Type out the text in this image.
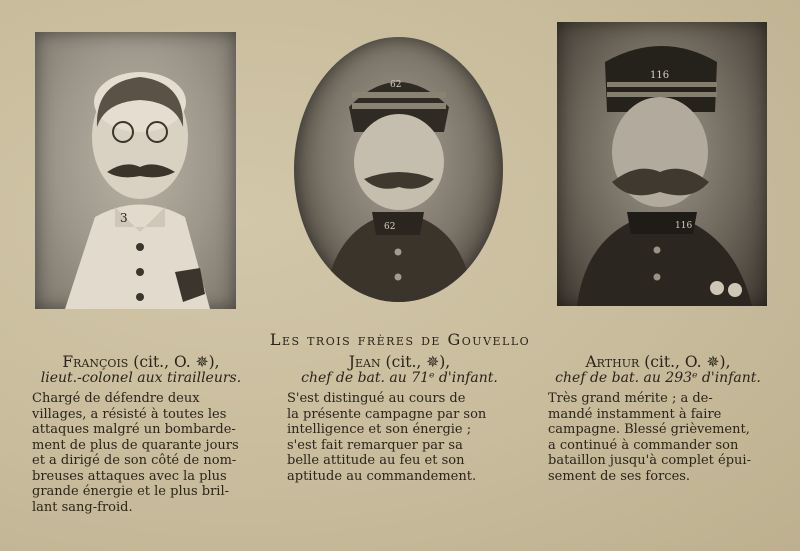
3
62
62
116
116
Les trois frères de Gouvello
François (cit., O. ✵),
lieut.-colonel aux tirailleurs.
Chargé de défendre deux
villages, a résisté à toutes les
attaques malgré un bombarde-
ment de plus de quarante jours
et a dirigé de son côté de nom-
breuses attaques avec la plus
grande énergie et le plus bril-
lant sang-froid.
Jean (cit., ✵),
chef de bat. au 71ᵉ d'infant.
S'est distingué au cours de
la présente campagne par son
intelligence et son énergie ;
s'est fait remarquer par sa
belle attitude au feu et son
aptitude au commandement.
Arthur (cit., O. ✵),
chef de bat. au 293ᵉ d'infant.
Très grand mérite ; a de-
mandé instamment à faire
campagne. Blessé grièvement,
a continué à commander son
bataillon jusqu'à complet épui-
sement de ses forces.
